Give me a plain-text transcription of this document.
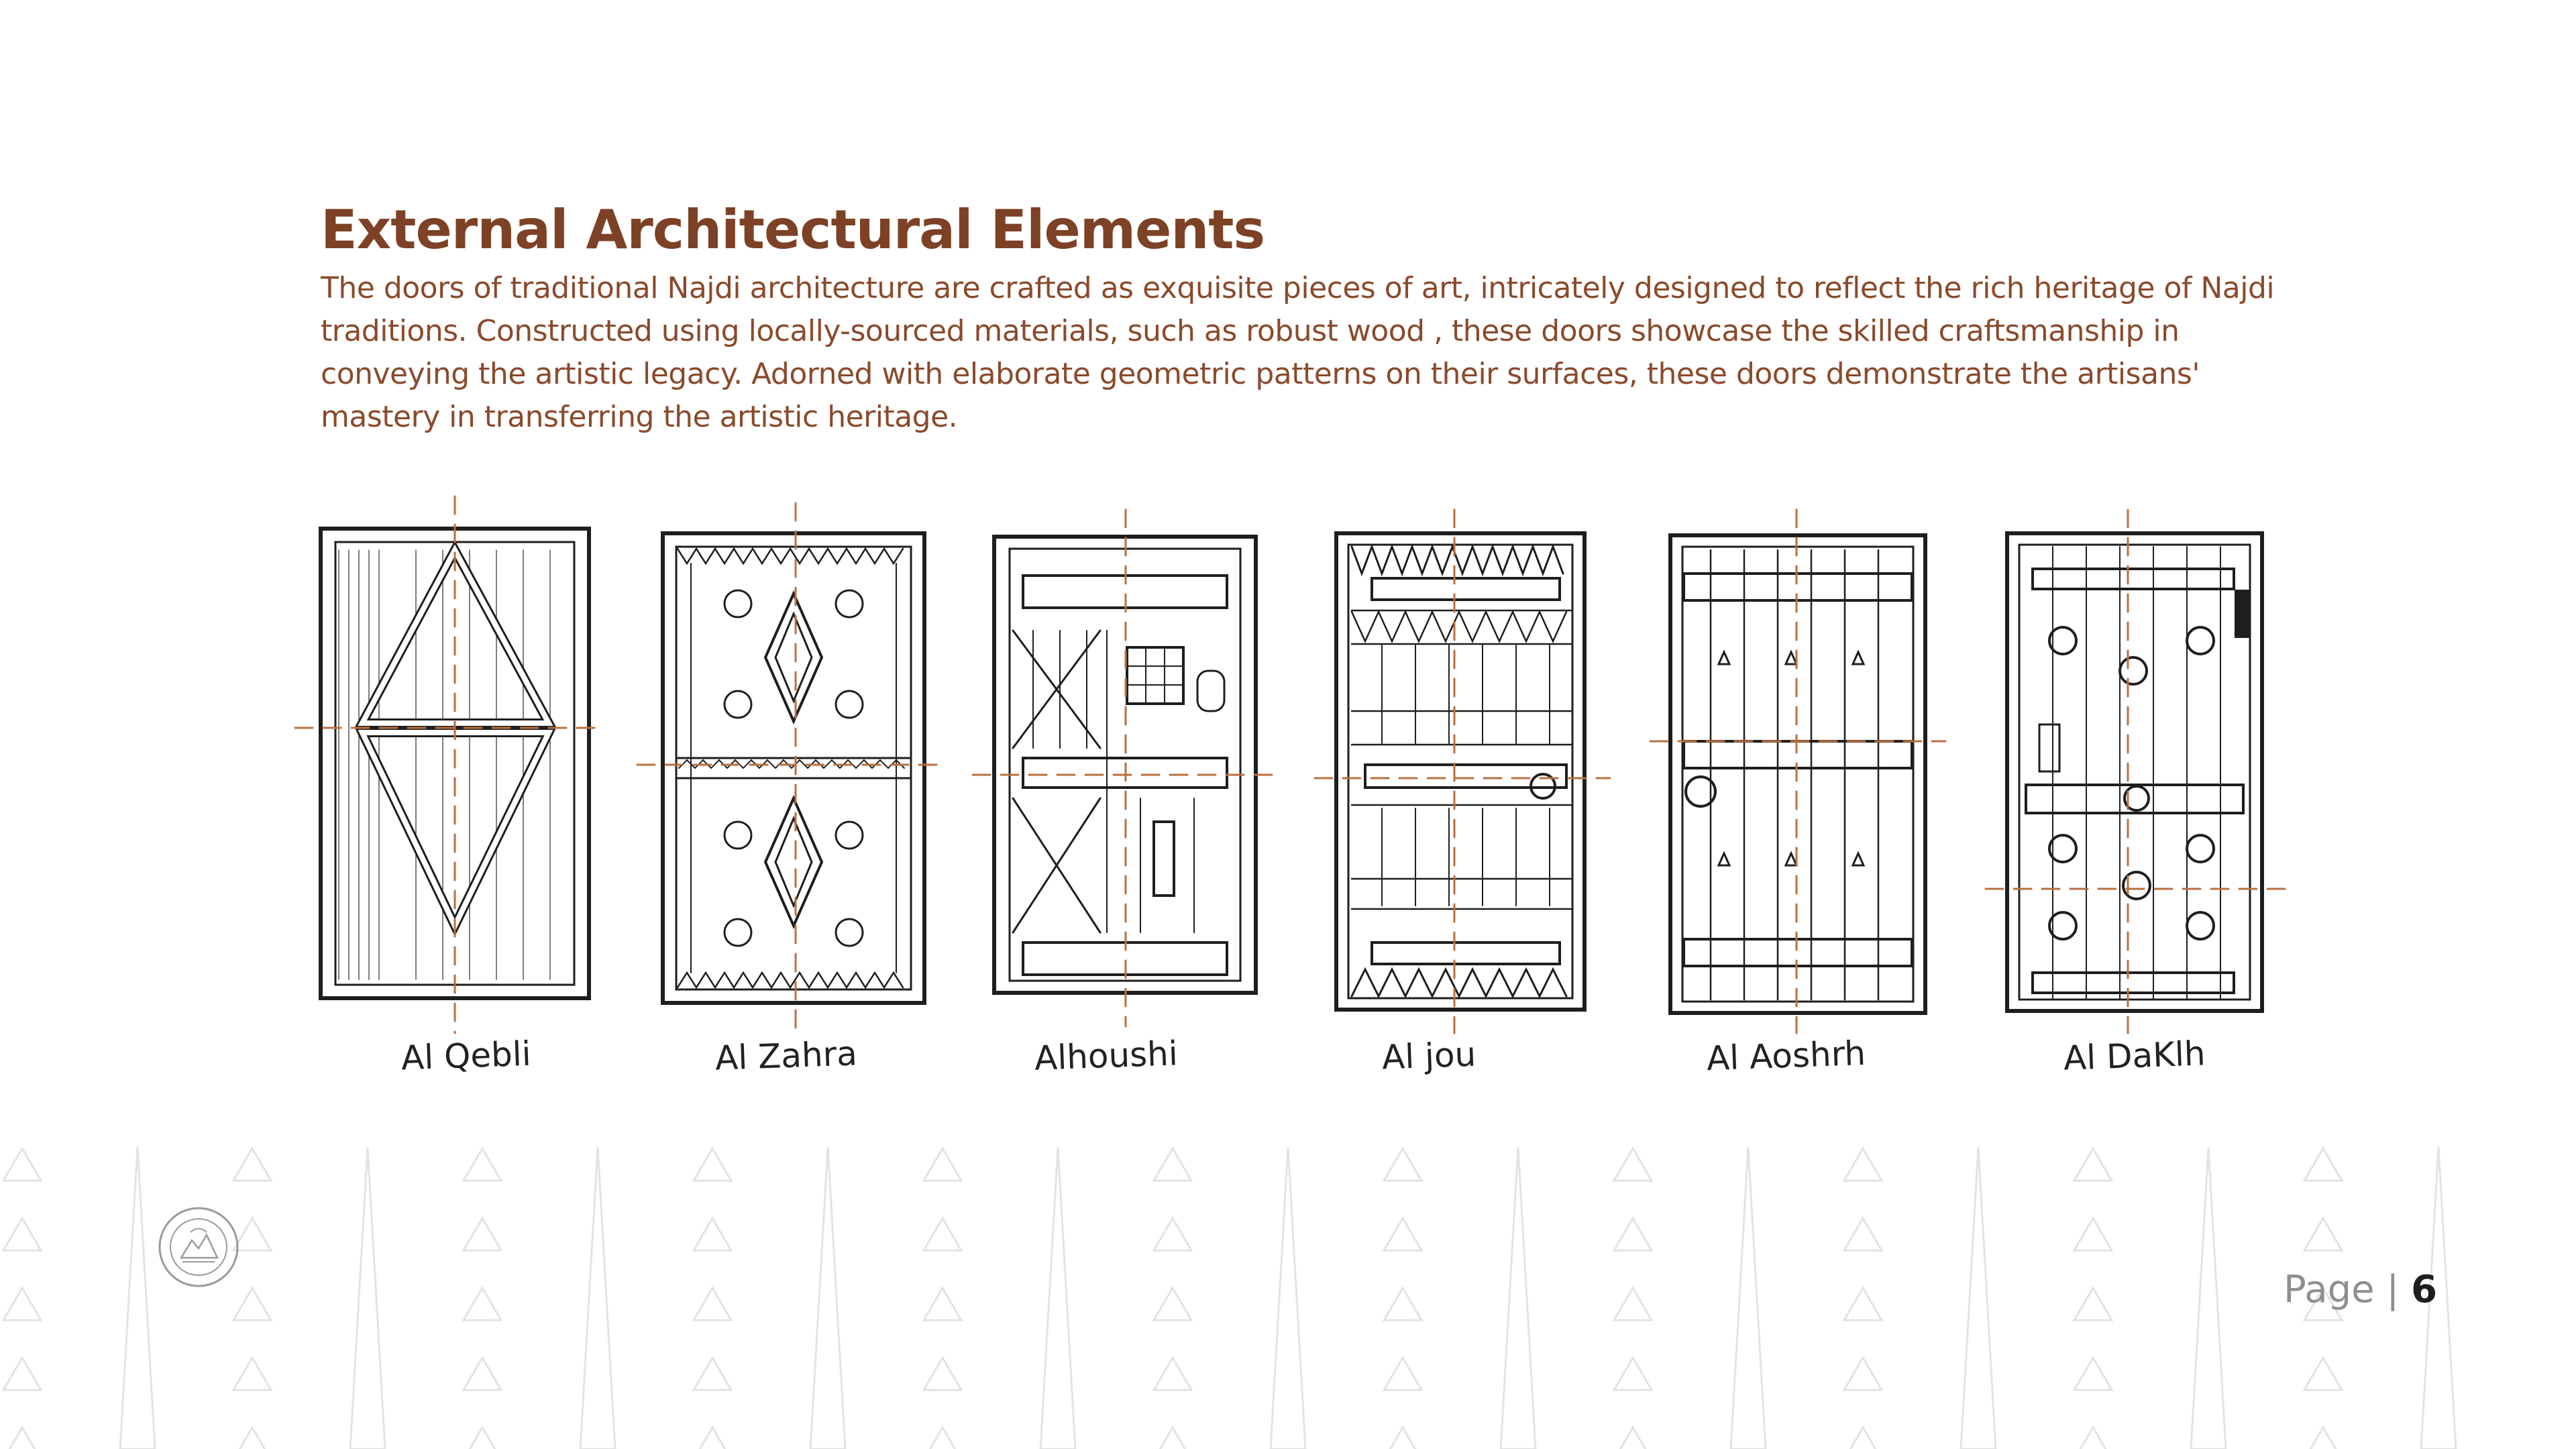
External Architectural Elements

The doors of traditional Najdi architecture are crafted as exquisite pieces of art, intricately designed to reflect the rich heritage of Najdi traditions. Constructed using locally-sourced materials, such as robust wood , these doors showcase the skilled craftsmanship in conveying the artistic legacy. Adorned with elaborate geometric patterns on their surfaces, these doors demonstrate the artisans' mastery in transferring the artistic heritage.

Al Qebli	Al Zahra	Alhoushi	Al jou	Al Aoshrh	Al DaKlh
Page | 6
